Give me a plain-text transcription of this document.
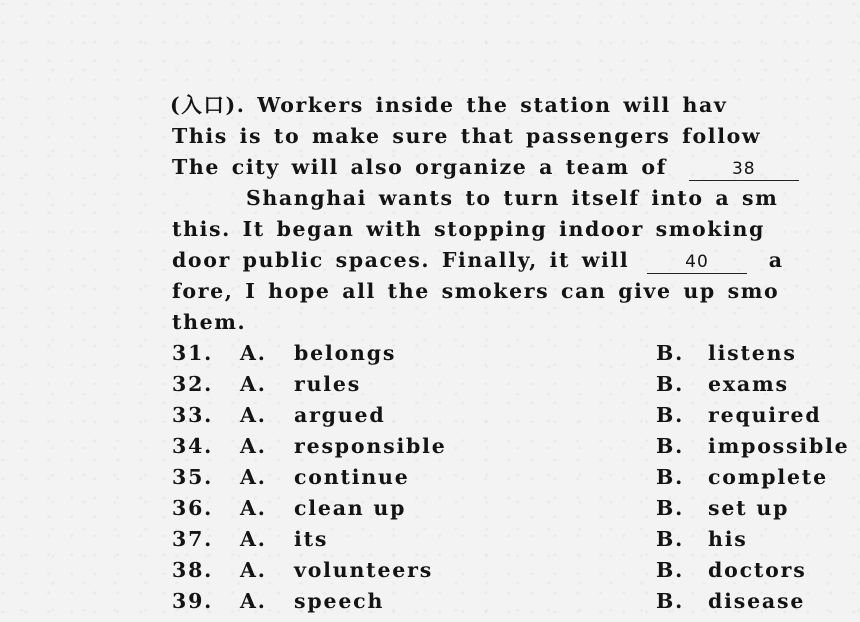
(入口). Workers inside the station will hav
This is to make sure that passengers follow
The city will also organize a team of	38
Shanghai wants to turn itself into a sm
this. It began with stopping indoor smoking
door public spaces. Finally, it will	40	a
fore, I hope all the smokers can give up smo
them.
31. A. belongs	B. listens
32. A. rules	B. exams
33. A. argued	B. required
34. A. responsible	B. impossible
35. A. continue	B. complete
36. A. clean up	B. set up
37. A. its	B. his
38. A. volunteers	B. doctors
39. A. speech	B. disease
